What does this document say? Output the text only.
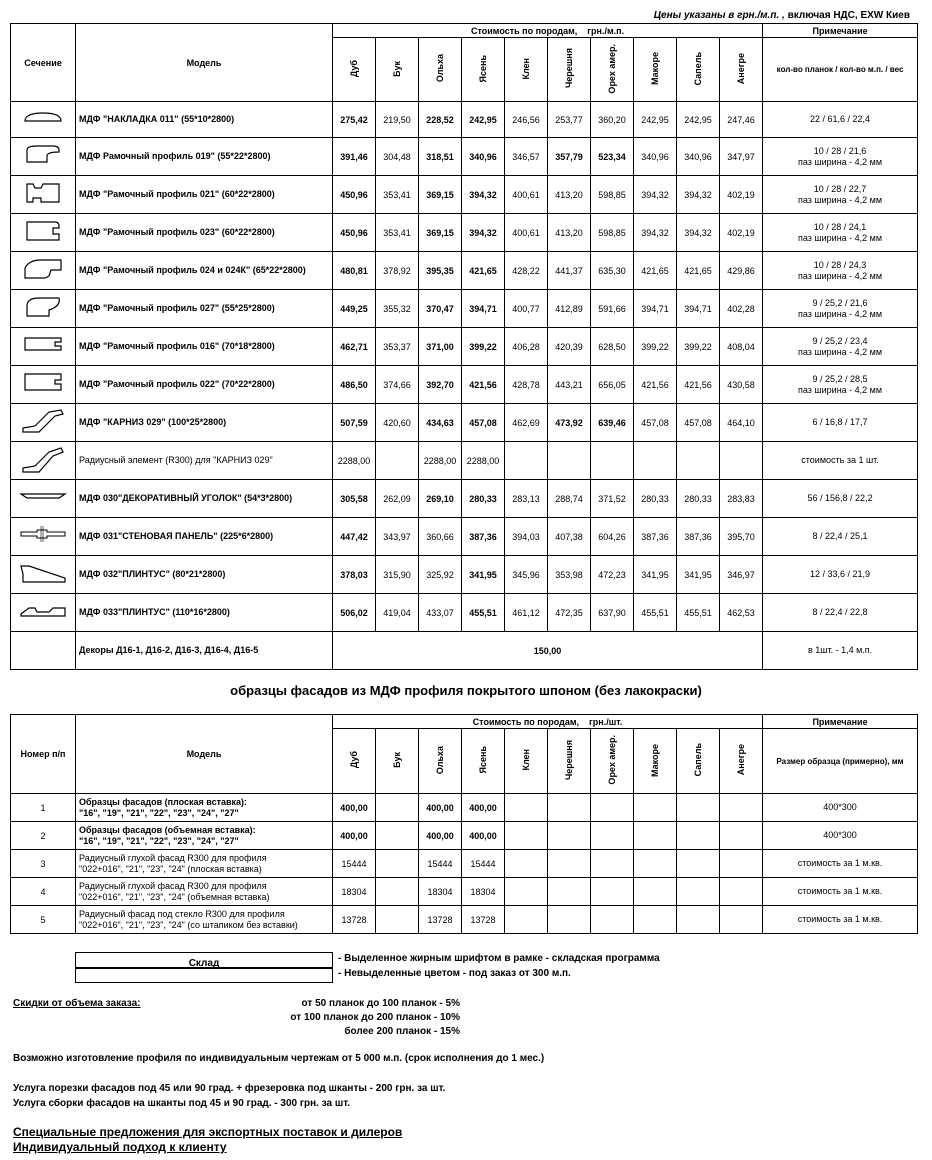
Цены указаны в грн./м.п. , включая НДС, EXW Киев
Сечение	Модель	Стоимость по породам, грн./м.п.										Примечание
		Дуб	Бук	Ольха	Ясень	Клен	Черешня	Орех амер.	Макоре	Сапель	Анегре	кол-во планок / кол-во м.п. / вес
	МДФ "НАКЛАДКА 011" (55*10*2800)	275,42	219,50	228,52	242,95	246,56	253,77	360,20	242,95	242,95	247,46	22 / 61,6 / 22,4

	МДФ Рамочный профиль 019" (55*22*2800)	391,46	304,48	318,51	340,96	346,57	357,79	523,34	340,96	340,96	347,97	10 / 28 / 21,6
паз ширина - 4,2 мм

	МДФ "Рамочный профиль 021" (60*22*2800)	450,96	353,41	369,15	394,32	400,61	413,20	598,85	394,32	394,32	402,19	10 / 28 / 22,7
паз ширина - 4,2 мм

	МДФ "Рамочный профиль 023" (60*22*2800)	450,96	353,41	369,15	394,32	400,61	413,20	598,85	394,32	394,32	402,19	10 / 28 / 24,1
паз ширина - 4,2 мм

	МДФ "Рамочный профиль 024 и 024К" (65*22*2800)	480,81	378,92	395,35	421,65	428,22	441,37	635,30	421,65	421,65	429,86	10 / 28 / 24,3
паз ширина - 4,2 мм

	МДФ "Рамочный профиль 027" (55*25*2800)	449,25	355,32	370,47	394,71	400,77	412,89	591,66	394,71	394,71	402,28	9 / 25,2 / 21,6
паз ширина - 4,2 мм

	МДФ "Рамочный профиль 016" (70*18*2800)	462,71	353,37	371,00	399,22	406,28	420,39	628,50	399,22	399,22	408,04	9 / 25,2 / 23,4
паз ширина - 4,2 мм

	МДФ "Рамочный профиль 022" (70*22*2800)	486,50	374,66	392,70	421,56	428,78	443,21	656,05	421,56	421,56	430,58	9 / 25,2 / 28,5
паз ширина - 4,2 мм

	МДФ "КАРНИЗ 029" (100*25*2800)	507,59	420,60	434,63	457,08	462,69	473,92	639,46	457,08	457,08	464,10	6 / 16,8 / 17,7

	Радиусный элемент (R300) для "КАРНИЗ 029"	2288,00		2288,00	2288,00							стоимость за 1 шт.

	МДФ 030"ДЕКОРАТИВНЫЙ УГОЛОК" (54*3*2800)	305,58	262,09	269,10	280,33	283,13	288,74	371,52	280,33	280,33	283,83	56 / 156,8 / 22,2

	МДФ 031"СТЕНОВАЯ ПАНЕЛЬ" (225*6*2800)	447,42	343,97	360,66	387,36	394,03	407,38	604,26	387,36	387,36	395,70	8 / 22,4 / 25,1

	МДФ 032"ПЛИНТУС" (80*21*2800)	378,03	315,90	325,92	341,95	345,96	353,98	472,23	341,95	341,95	346,97	12 / 33,6 / 21,9

	МДФ 033"ПЛИНТУС" (110*16*2800)	506,02	419,04	433,07	455,51	461,12	472,35	637,90	455,51	455,51	462,53	8 / 22,4 / 22,8

	Декоры Д16-1, Д16-2, Д16-3, Д16-4, Д16-5	150,00										в 1шт. - 1,4 м.п.
образцы фасадов из МДФ профиля покрытого шпоном (без лакокраски)
Номер п/п	Модель	Стоимость по породам, грн./шт.										Примечание
		Дуб	Бук	Ольха	Ясень	Клен	Черешня	Орех амер.	Макоре	Сапель	Анегре	Размер образца (примерно), мм
1	Образцы фасадов (плоская вставка):
"16", "19", "21", "22", "23", "24", "27"	400,00		400,00	400,00							400*300
2	Образцы фасадов (объемная вставка):
"16", "19", "21", "22", "23", "24", "27"	400,00		400,00	400,00							400*300
3	Радиусный глухой фасад R300 для профиля
"022+016", "21", "23", "24" (плоская вставка)	15444		15444	15444							стоимость за 1 м.кв.
4	Радиусный глухой фасад R300 для профиля
"022+016", "21", "23", "24" (объемная вставка)	18304		18304	18304							стоимость за 1 м.кв.
5	Радиусный фасад под стекло R300 для профиля
"022+016", "21", "23", "24" (со штапиком без вставки)	13728		13728	13728							стоимость за 1 м.кв.
Склад	- Выделенное жирным шрифтом в рамке - складская программа
- Невыделенные цветом - под заказ от 300 м.п.
Скидки от объема заказа:	от 50 планок до 100 планок - 5%
от 100 планок до 200 планок - 10%
более 200 планок - 15%
Возможно изготовление профиля по индивидуальным чертежам от 5 000 м.п. (срок исполнения до 1 мес.)
Услуга порезки фасадов под 45 или 90 град. + фрезеровка под шканты - 200 грн. за шт.
Услуга сборки фасадов на шканты под 45 и 90 град. - 300 грн. за шт.
Специальные предложения для экспортных поставок и дилеров
Индивидуальный подход к клиенту
